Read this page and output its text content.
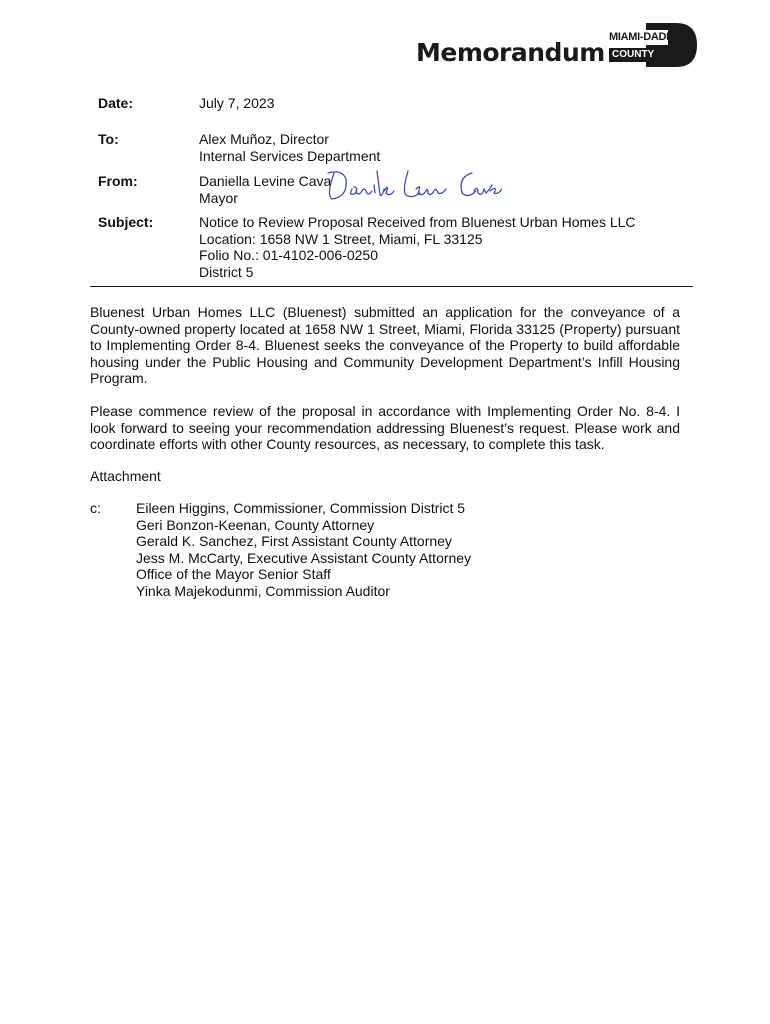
Memorandum
MIAMI-DADE
COUNTY
Date:	July 7, 2023
To:	Alex Muñoz, Director
Internal Services Department
From:	Daniella Levine Cava
Mayor
Subject:	Notice to Review Proposal Received from Bluenest Urban Homes LLC
Location: 1658 NW 1 Street, Miami, FL 33125
Folio No.: 01-4102-006-0250
District 5

Bluenest Urban Homes LLC (Bluenest) submitted an application for the conveyance of a County-owned property located at 1658 NW 1 Street, Miami, Florida 33125 (Property) pursuant to Implementing Order 8-4. Bluenest seeks the conveyance of the Property to build affordable housing under the Public Housing and Community Development Department’s Infill Housing Program.

Please commence review of the proposal in accordance with Implementing Order No. 8-4. I look forward to seeing your recommendation addressing Bluenest’s request. Please work and coordinate efforts with other County resources, as necessary, to complete this task.

Attachment
c:	Eileen Higgins, Commissioner, Commission District 5
Geri Bonzon-Keenan, County Attorney
Gerald K. Sanchez, First Assistant County Attorney
Jess M. McCarty, Executive Assistant County Attorney
Office of the Mayor Senior Staff
Yinka Majekodunmi, Commission Auditor
